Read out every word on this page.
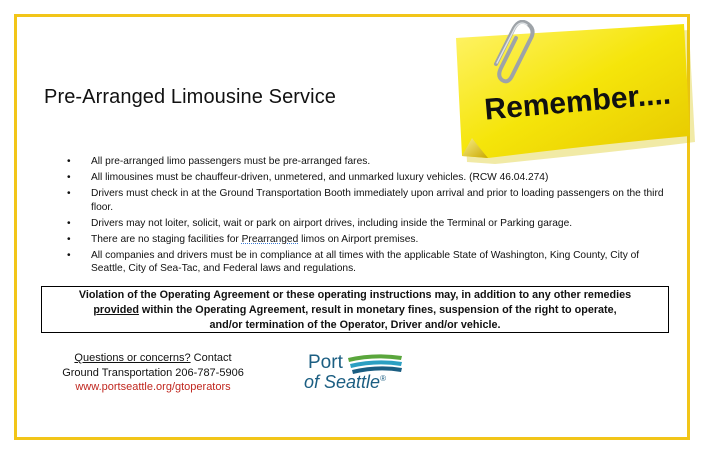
Pre-Arranged Limousine Service	Remember....
• All pre-arranged limo passengers must be pre-arranged fares.
• All limousines must be chauffeur-driven, unmetered, and unmarked luxury vehicles. (RCW 46.04.274)
• Drivers must check in at the Ground Transportation Booth immediately upon arrival and prior to loading passengers on the third floor.
• Drivers may not loiter, solicit, wait or park on airport drives, including inside the Terminal or Parking garage.
• There are no staging facilities for Prearranged limos on Airport premises.
• All companies and drivers must be in compliance at all times with the applicable State of Washington, King County, City of Seattle, City of Sea-Tac, and Federal laws and regulations.
Violation of the Operating Agreement or these operating instructions may, in addition to any other remedies
provided within the Operating Agreement, result in monetary fines, suspension of the right to operate,
and/or termination of the Operator, Driver and/or vehicle.
Questions or concerns? Contact
Ground Transportation 206-787-5906
www.portseattle.org/gtoperators
Port
of Seattle®
